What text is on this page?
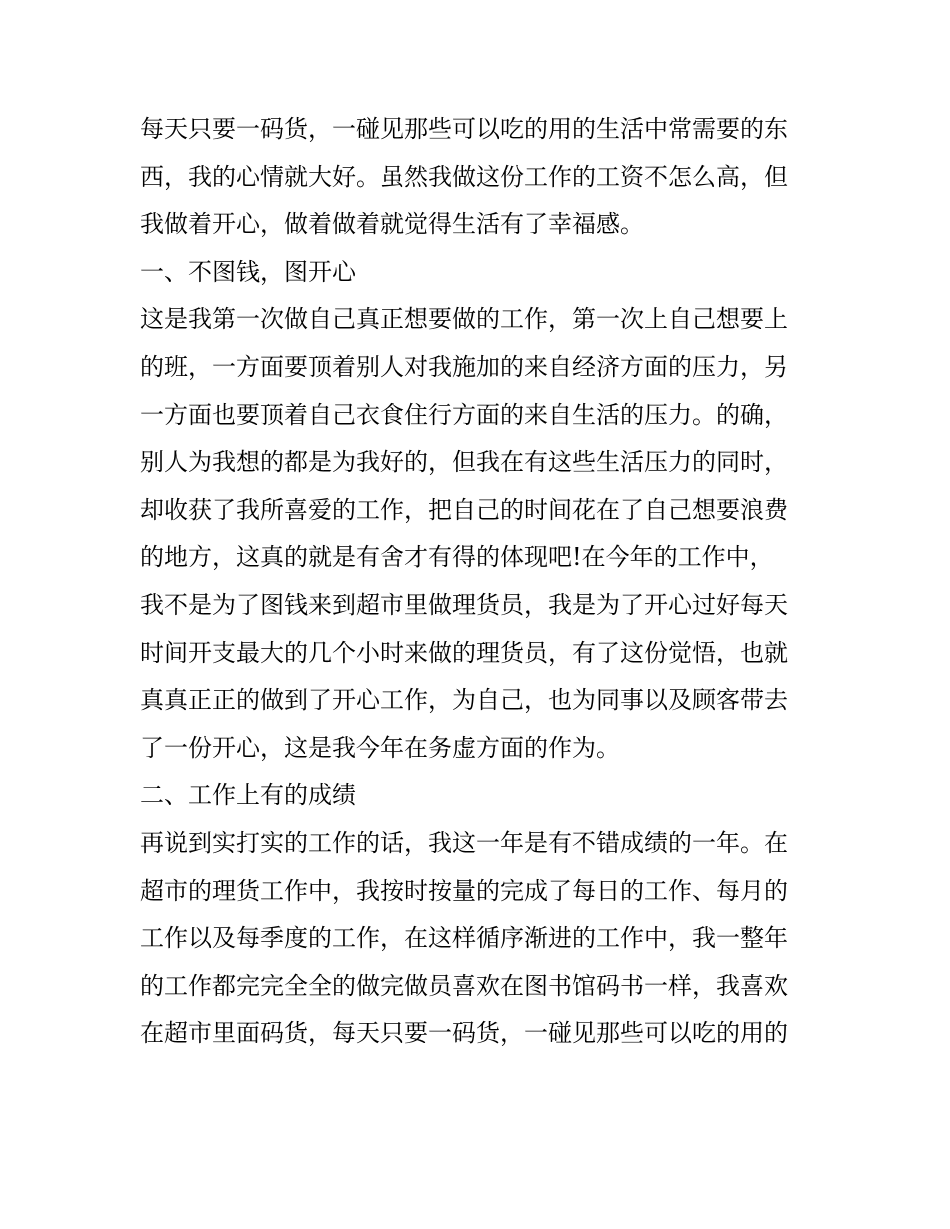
每天只要一码货，一碰见那些可以吃的用的生活中常需要的东
西，我的心情就大好。虽然我做这份工作的工资不怎么高，但
我做着开心，做着做着就觉得生活有了幸福感。
一、不图钱，图开心
这是我第一次做自己真正想要做的工作，第一次上自己想要上
的班，一方面要顶着别人对我施加的来自经济方面的压力，另
一方面也要顶着自己衣食住行方面的来自生活的压力。的确，
别人为我想的都是为我好的，但我在有这些生活压力的同时，
却收获了我所喜爱的工作，把自己的时间花在了自己想要浪费
的地方，这真的就是有舍才有得的体现吧!在今年的工作中，
我不是为了图钱来到超市里做理货员，我是为了开心过好每天
时间开支最大的几个小时来做的理货员，有了这份觉悟，也就
真真正正的做到了开心工作，为自己，也为同事以及顾客带去
了一份开心，这是我今年在务虚方面的作为。
二、工作上有的成绩
再说到实打实的工作的话，我这一年是有不错成绩的一年。在
超市的理货工作中，我按时按量的完成了每日的工作、每月的
工作以及每季度的工作，在这样循序渐进的工作中，我一整年
的工作都完完全全的做完做员喜欢在图书馆码书一样，我喜欢
在超市里面码货，每天只要一码货，一碰见那些可以吃的用的
